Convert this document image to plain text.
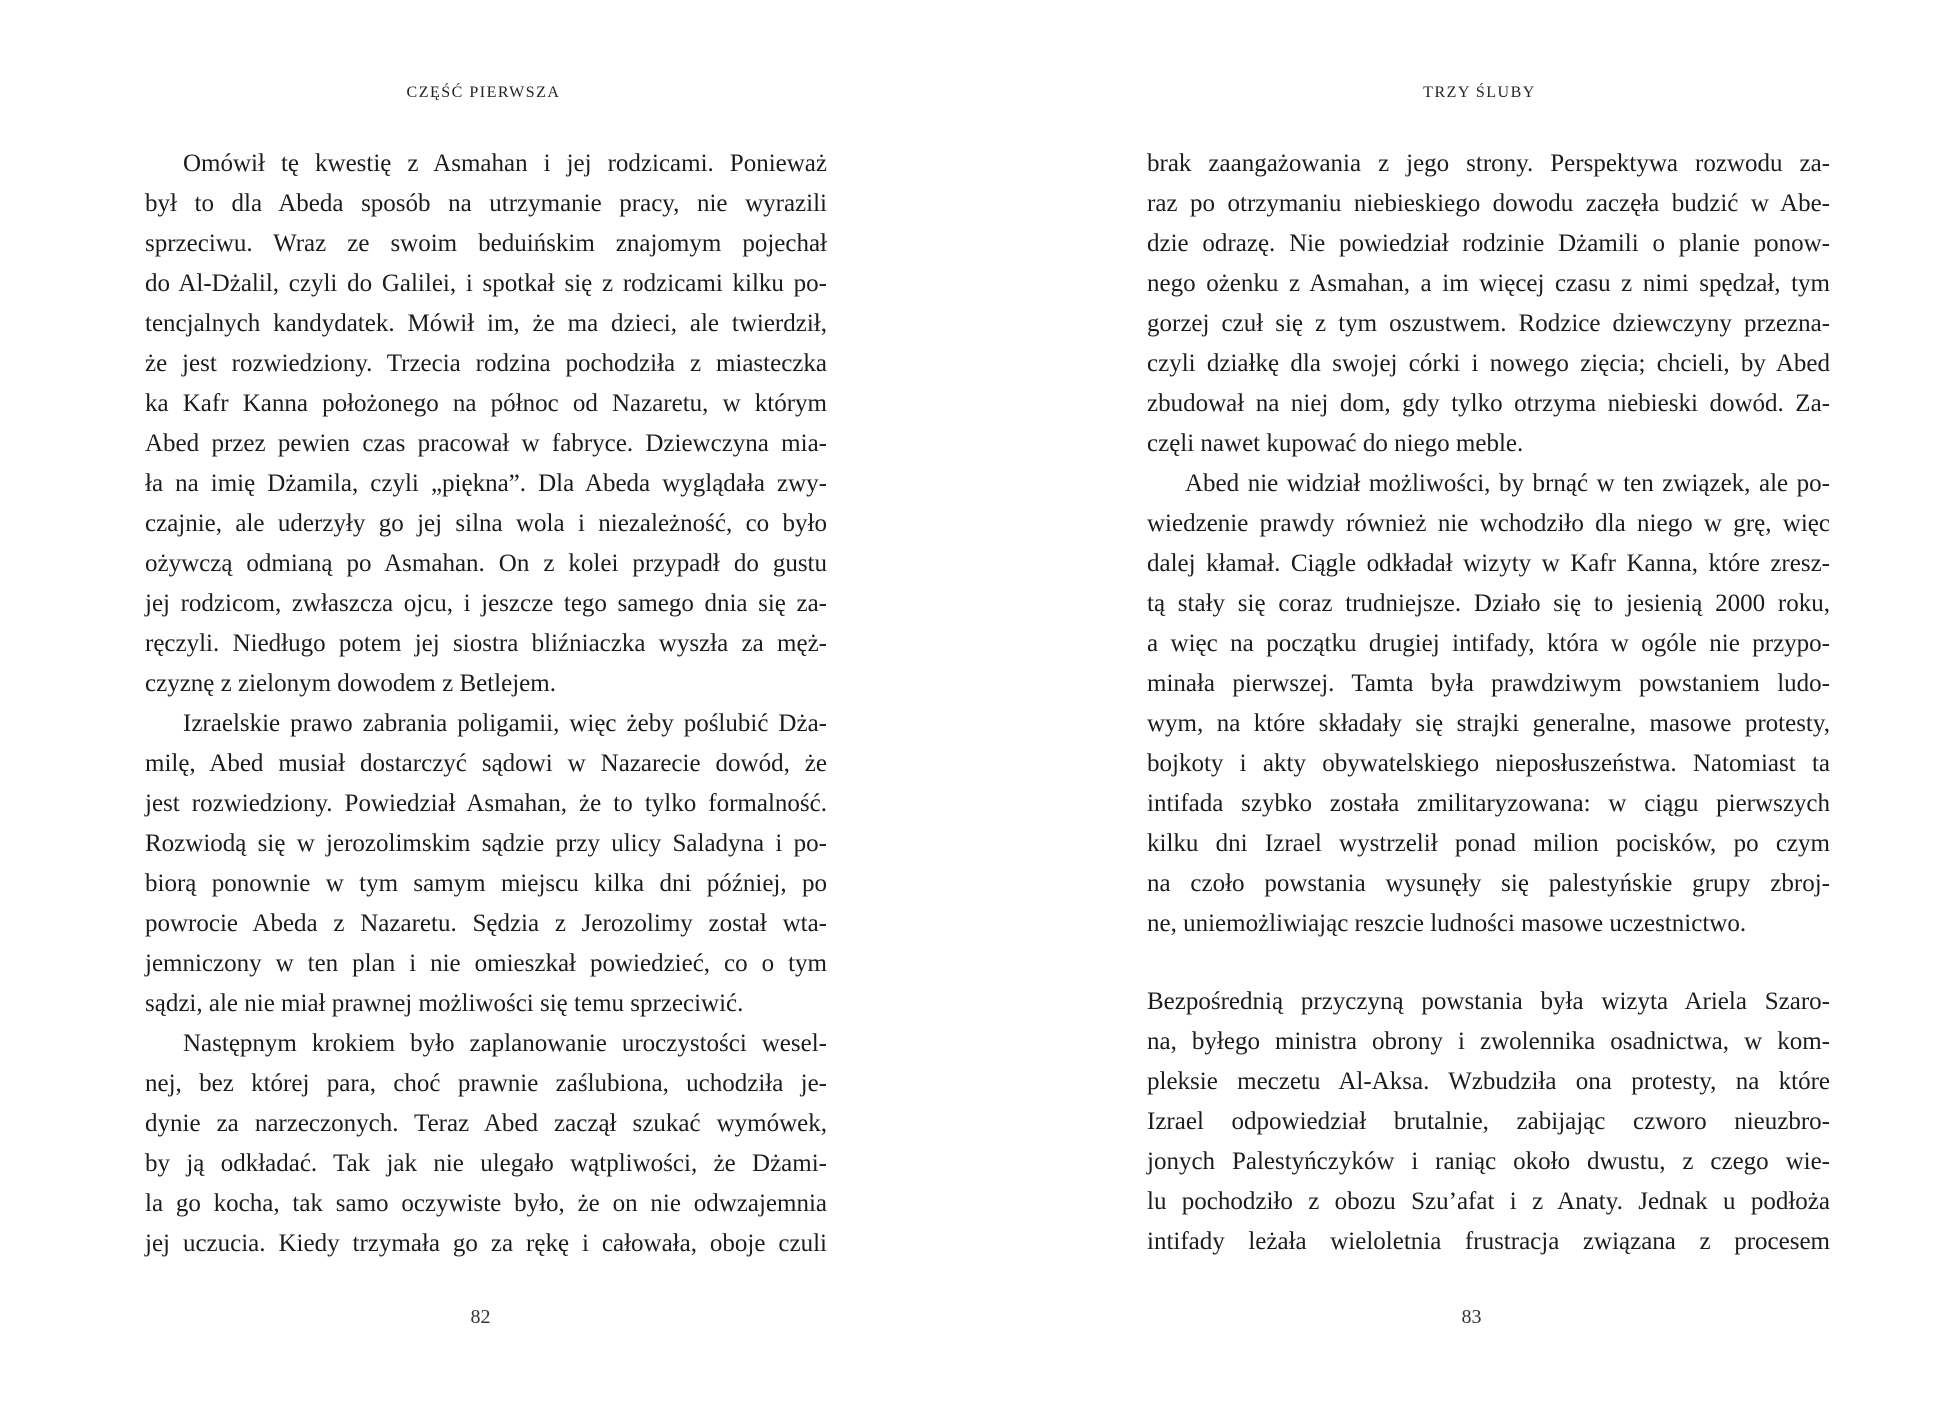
CZĘŚĆ PIERWSZA
Omówił tę kwestię z Asmahan i jej rodzicami. Ponieważ
był to dla Abeda sposób na utrzymanie pracy, nie wyrazili
sprzeciwu. Wraz ze swoim beduińskim znajomym pojechał
do Al-Dżalil, czyli do Galilei, i spotkał się z rodzicami kilku po-
tencjalnych kandydatek. Mówił im, że ma dzieci, ale twierdził,
że jest rozwiedziony. Trzecia rodzina pochodziła z miasteczka
ka Kafr Kanna położonego na północ od Nazaretu, w którym
Abed przez pewien czas pracował w fabryce. Dziewczyna mia-
ła na imię Dżamila, czyli „piękna”. Dla Abeda wyglądała zwy-
czajnie, ale uderzyły go jej silna wola i niezależność, co było
ożywczą odmianą po Asmahan. On z kolei przypadł do gustu
jej rodzicom, zwłaszcza ojcu, i jeszcze tego samego dnia się za-
ręczyli. Niedługo potem jej siostra bliźniaczka wyszła za męż-
czyznę z zielonym dowodem z Betlejem.
Izraelskie prawo zabrania poligamii, więc żeby poślubić Dża-
milę, Abed musiał dostarczyć sądowi w Nazarecie dowód, że
jest rozwiedziony. Powiedział Asmahan, że to tylko formalność.
Rozwiodą się w jerozolimskim sądzie przy ulicy Saladyna i po-
biorą ponownie w tym samym miejscu kilka dni później, po
powrocie Abeda z Nazaretu. Sędzia z Jerozolimy został wta-
jemniczony w ten plan i nie omieszkał powiedzieć, co o tym
sądzi, ale nie miał prawnej możliwości się temu sprzeciwić.
Następnym krokiem było zaplanowanie uroczystości wesel-
nej, bez której para, choć prawnie zaślubiona, uchodziła je-
dynie za narzeczonych. Teraz Abed zaczął szukać wymówek,
by ją odkładać. Tak jak nie ulegało wątpliwości, że Dżami-
la go kocha, tak samo oczywiste było, że on nie odwzajemnia
jej uczucia. Kiedy trzymała go za rękę i całowała, oboje czuli
82
TRZY ŚLUBY
brak zaangażowania z jego strony. Perspektywa rozwodu za-
raz po otrzymaniu niebieskiego dowodu zaczęła budzić w Abe-
dzie odrazę. Nie powiedział rodzinie Dżamili o planie ponow-
nego ożenku z Asmahan, a im więcej czasu z nimi spędzał, tym
gorzej czuł się z tym oszustwem. Rodzice dziewczyny przezna-
czyli działkę dla swojej córki i nowego zięcia; chcieli, by Abed
zbudował na niej dom, gdy tylko otrzyma niebieski dowód. Za-
częli nawet kupować do niego meble.
Abed nie widział możliwości, by brnąć w ten związek, ale po-
wiedzenie prawdy również nie wchodziło dla niego w grę, więc
dalej kłamał. Ciągle odkładał wizyty w Kafr Kanna, które zresz-
tą stały się coraz trudniejsze. Działo się to jesienią 2000 roku,
a więc na początku drugiej intifady, która w ogóle nie przypo-
minała pierwszej. Tamta była prawdziwym powstaniem ludo-
wym, na które składały się strajki generalne, masowe protesty,
bojkoty i akty obywatelskiego nieposłuszeństwa. Natomiast ta
intifada szybko została zmilitaryzowana: w ciągu pierwszych
kilku dni Izrael wystrzelił ponad milion pocisków, po czym
na czoło powstania wysunęły się palestyńskie grupy zbroj-
ne, uniemożliwiając reszcie ludności masowe uczestnictwo.
Bezpośrednią przyczyną powstania była wizyta Ariela Szaro-
na, byłego ministra obrony i zwolennika osadnictwa, w kom-
pleksie meczetu Al-Aksa. Wzbudziła ona protesty, na które
Izrael odpowiedział brutalnie, zabijając czworo nieuzbro-
jonych Palestyńczyków i raniąc około dwustu, z czego wie-
lu pochodziło z obozu Szu’afat i z Anaty. Jednak u podłoża
intifady leżała wieloletnia frustracja związana z procesem
83
